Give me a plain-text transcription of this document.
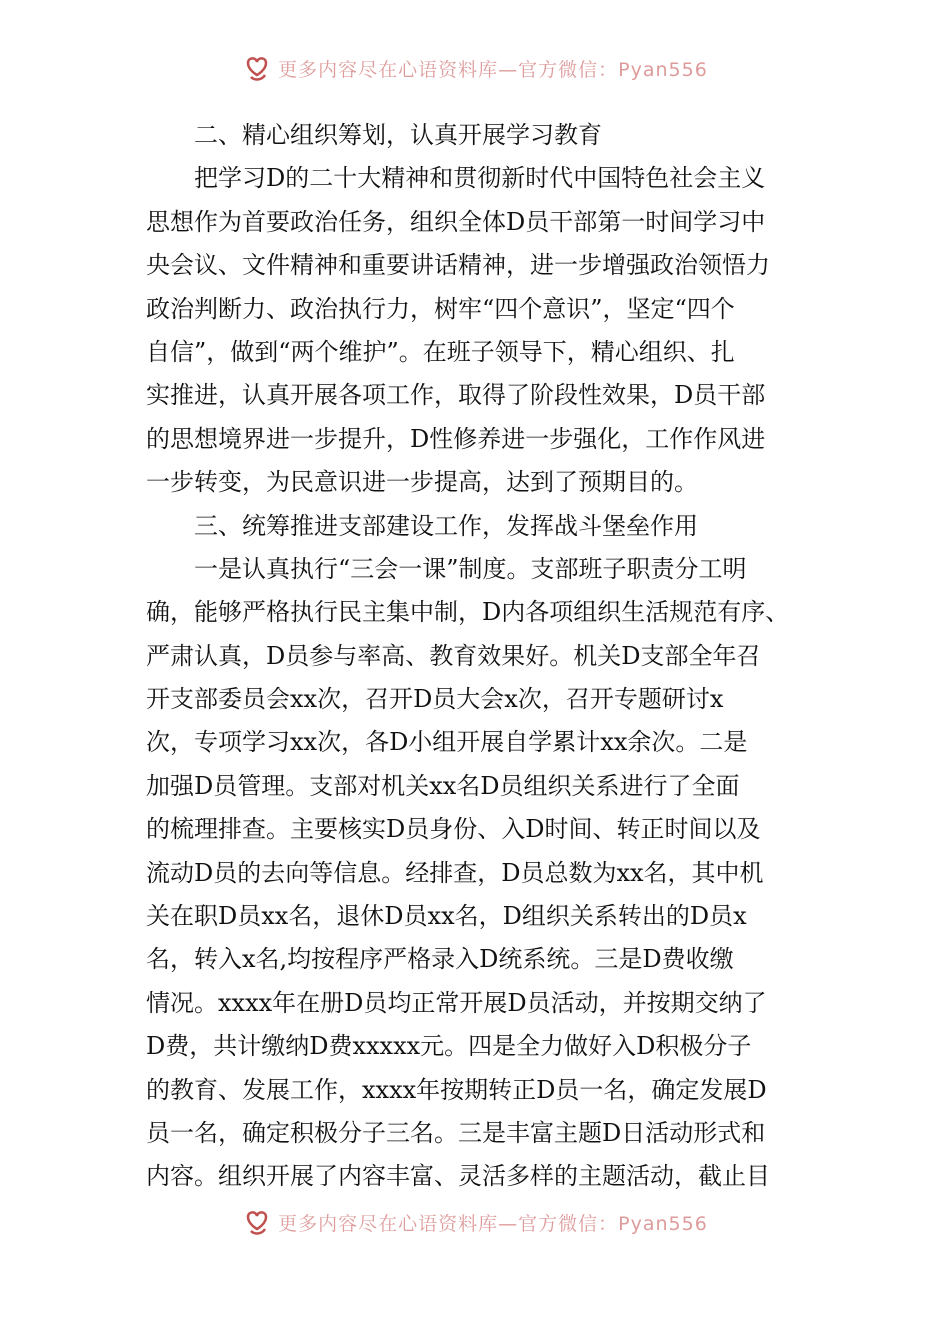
更多内容尽在心语资料库—官方微信：Pyan556
二、精心组织筹划，认真开展学习教育
把学习D的二十大精神和贯彻新时代中国特色社会主义
思想作为首要政治任务，组织全体D员干部第一时间学习中
央会议、文件精神和重要讲话精神，进一步增强政治领悟力
政治判断力、政治执行力，树牢“四个意识”，坚定“四个
自信”，做到“两个维护”。在班子领导下，精心组织、扎
实推进，认真开展各项工作，取得了阶段性效果，D员干部
的思想境界进一步提升，D性修养进一步强化，工作作风进
一步转变，为民意识进一步提高，达到了预期目的。
三、统筹推进支部建设工作，发挥战斗堡垒作用
一是认真执行“三会一课”制度。支部班子职责分工明
确，能够严格执行民主集中制，D内各项组织生活规范有序、
严肃认真，D员参与率高、教育效果好。机关D支部全年召
开支部委员会xx次，召开D员大会x次，召开专题研讨x
次，专项学习xx次，各D小组开展自学累计xx余次。二是
加强D员管理。支部对机关xx名D员组织关系进行了全面
的梳理排查。主要核实D员身份、入D时间、转正时间以及
流动D员的去向等信息。经排查，D员总数为xx名，其中机
关在职D员xx名，退休D员xx名，D组织关系转出的D员x
名，转入x名,均按程序严格录入D统系统。三是D费收缴
情况。xxxx年在册D员均正常开展D员活动，并按期交纳了
D费，共计缴纳D费xxxxx元。四是全力做好入D积极分子
的教育、发展工作，xxxx年按期转正D员一名，确定发展D
员一名，确定积极分子三名。三是丰富主题D日活动形式和
内容。组织开展了内容丰富、灵活多样的主题活动，截止目
更多内容尽在心语资料库—官方微信：Pyan556
